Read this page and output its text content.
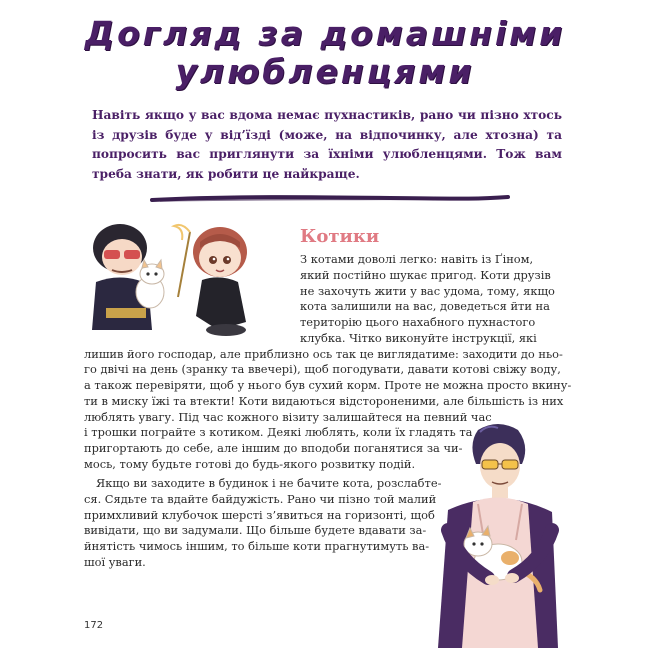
Догляд за домашніми
улюбленцями
Навіть якщо у вас вдома немає пухнастиків, рано чи пізно хтось із друзів буде у від’їзді (може, на відпочинку, але хтозна) та попросить вас приглянути за їхніми улюбленцями. Тож вам треба знати, як робити це найкраще.
Котики
З котами доволі легко: навіть із Ґіном,
який постійно шукає пригод. Коти друзів
не захочуть жити у вас удома, тому, якщо
кота залишили на вас, доведеться йти на
територію цього нахабного пухнастого
клубка. Чітко виконуйте інструкції, які
лишив його господар, але приблизно ось так це виглядатиме: заходити до ньо-
го двічі на день (зранку та ввечері), щоб погодувати, давати котові свіжу воду,
а також перевіряти, щоб у нього був сухий корм. Проте не можна просто вкину-
ти в миску їжі та втекти! Коти видаються відстороненими, але більшість із них
люблять увагу. Під час кожного візиту залишайтеся на певний час
і трошки пограйте з котиком. Деякі люблять, коли їх гладять та
пригортають до себе, але іншим до вподоби поганятися за чи-
мось, тому будьте готові до будь-якого розвитку подій.
Якщо ви заходите в будинок і не бачите кота, розслабте-
ся. Сядьте та вдайте байдужість. Рано чи пізно той малий
примхливий клубочок шерсті з’явиться на горизонті, щоб
вивідати, що ви задумали. Що більше будете вдавати за-
йнятість чимось іншим, то більше коти прагнутимуть ва-
шої уваги.
172
